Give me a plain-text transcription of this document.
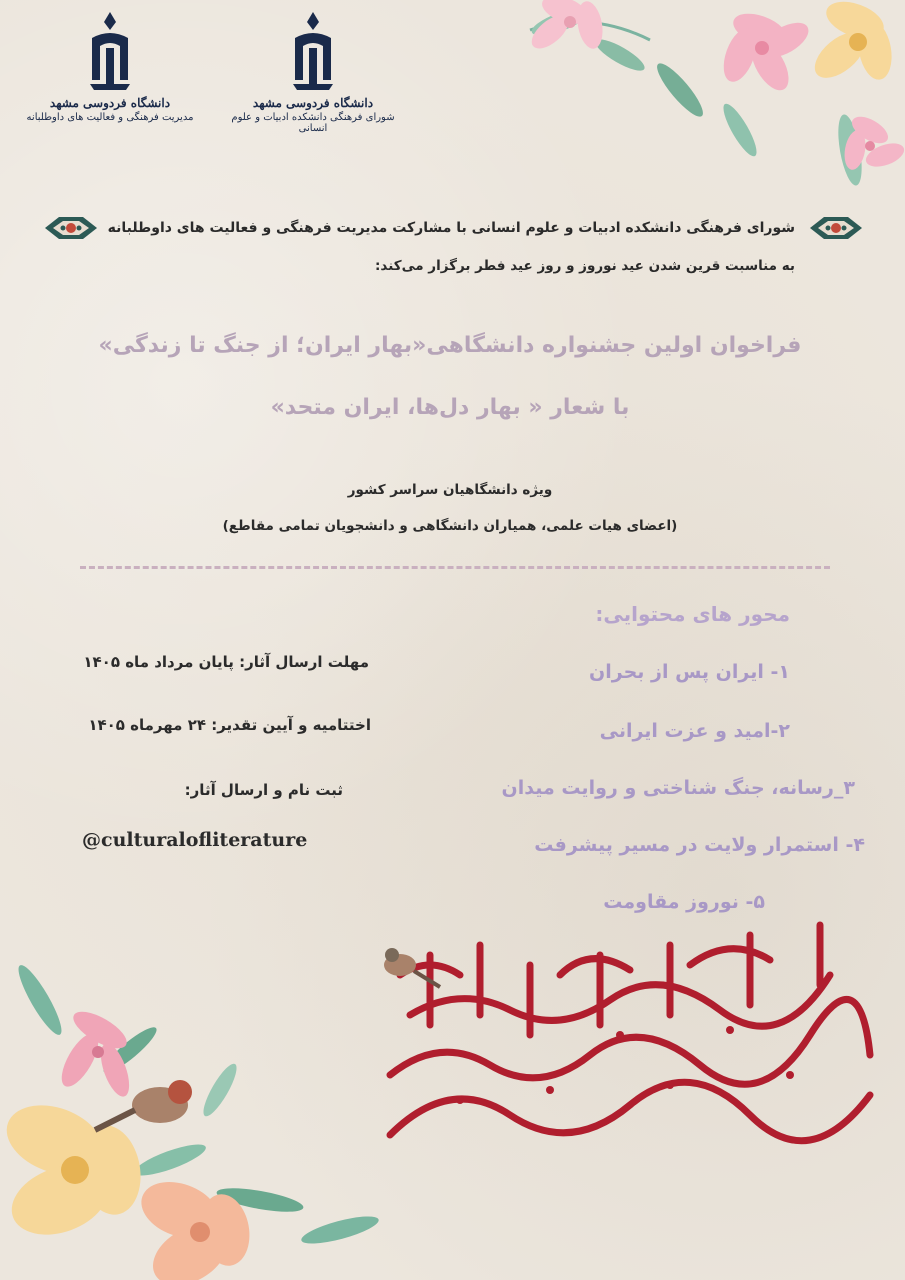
دانشگاه فردوسی مشهد
مدیریت فرهنگی و فعالیت های داوطلبانه
دانشگاه فردوسی مشهد
شورای فرهنگی دانشکده ادبیات و علوم انسانی
شورای فرهنگی دانشکده ادبیات و علوم انسانی با مشارکت مدیریت فرهنگی و فعالیت های داوطلبانه
به مناسبت قرین شدن عید نوروز و روز عید فطر برگزار می‌کند:
فراخوان اولین جشنواره دانشگاهی«بهار ایران؛ از جنگ تا زندگی»
با شعار « بهار دل‌ها، ایران متحد»
ویژه دانشگاهیان سراسر کشور
(اعضای هیات علمی، همیاران دانشگاهی و دانشجویان تمامی مقاطع)
محور های محتوایی:
۱- ایران پس از بحران
۲-امید و عزت ایرانی
۳_رسانه، جنگ شناختی و روایت میدان
۴- استمرار ولایت در مسیر پیشرفت
۵- نوروز مقاومت
مهلت ارسال آثار: پایان مرداد ماه ۱۴۰۵
اختتامیه و آیین تقدیر: ۲۴ مهرماه ۱۴۰۵
ثبت نام و ارسال آثار:
@culturalofliterature
